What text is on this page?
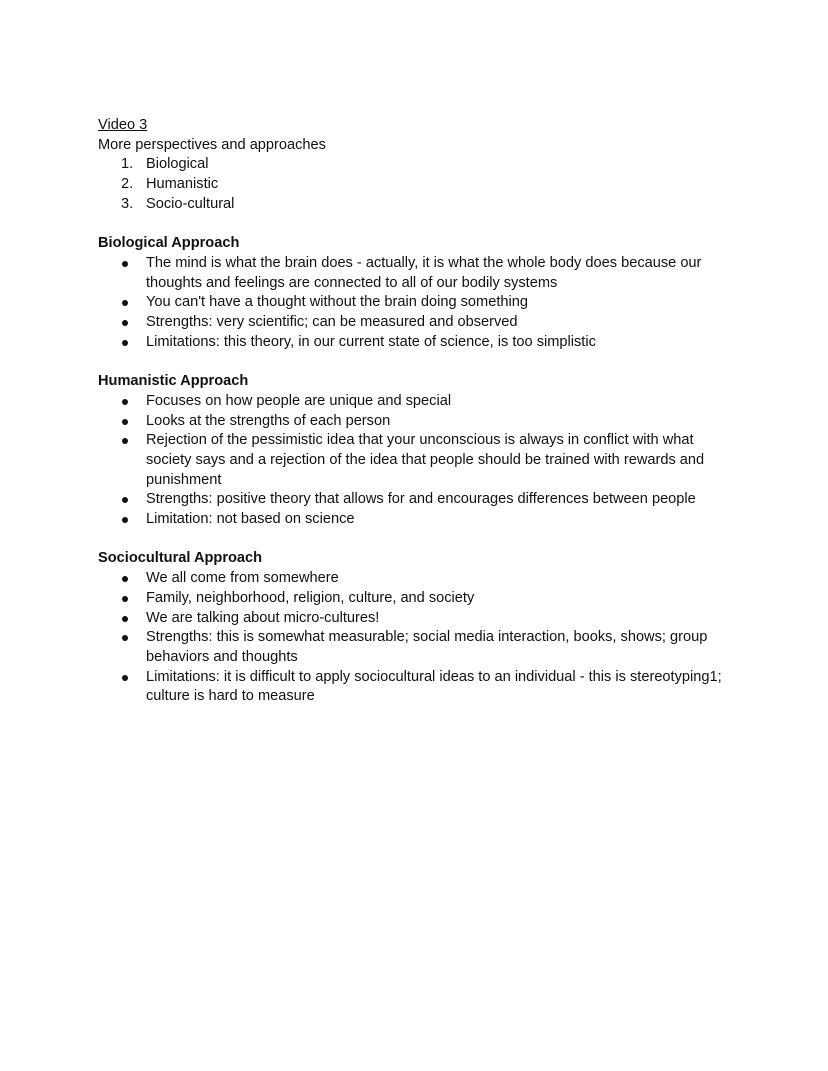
Video 3

More perspectives and approaches

1. Biological
2. Humanistic
3. Socio-cultural
Biological Approach
The mind is what the brain does - actually, it is what the whole body does because our thoughts and feelings are connected to all of our bodily systems
You can't have a thought without the brain doing something
Strengths: very scientific; can be measured and observed
Limitations: this theory, in our current state of science, is too simplistic
Humanistic Approach
Focuses on how people are unique and special
Looks at the strengths of each person
Rejection of the pessimistic idea that your unconscious is always in conflict with what society says and a rejection of the idea that people should be trained with rewards and punishment
Strengths: positive theory that allows for and encourages differences between people
Limitation: not based on science
Sociocultural Approach
We all come from somewhere
Family, neighborhood, religion, culture, and society
We are talking about micro-cultures!
Strengths: this is somewhat measurable; social media interaction, books, shows; group behaviors and thoughts
Limitations: it is difficult to apply sociocultural ideas to an individual - this is stereotyping1; culture is hard to measure
